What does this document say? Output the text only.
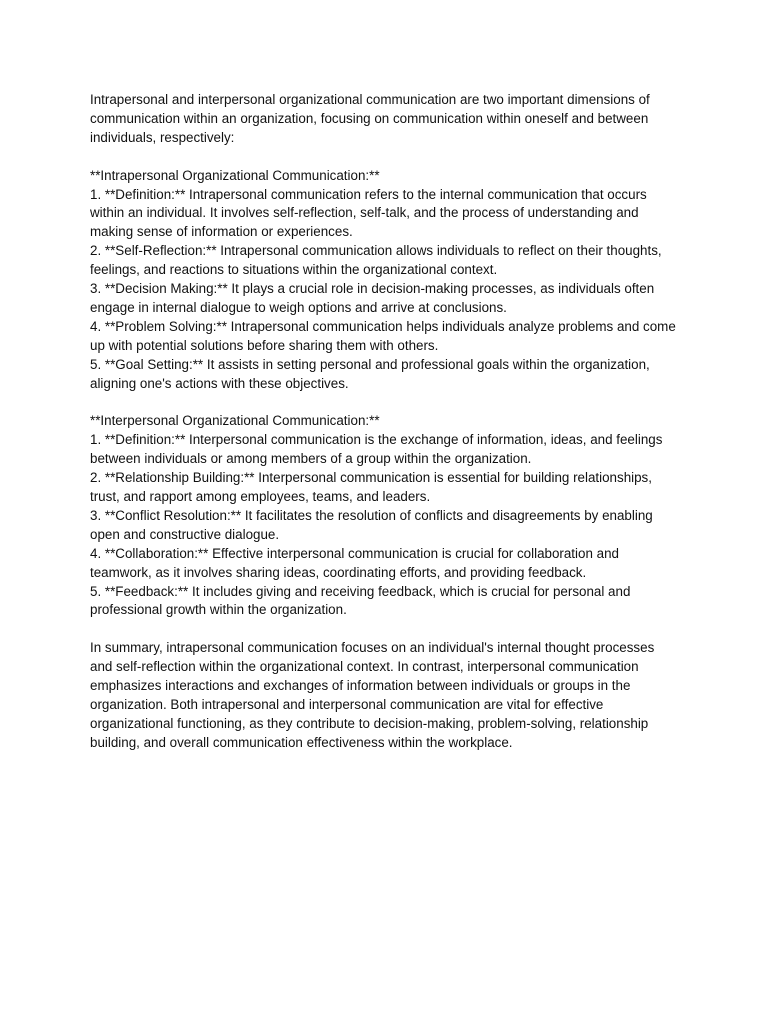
Intrapersonal and interpersonal organizational communication are two important dimensions of communication within an organization, focusing on communication within oneself and between individuals, respectively:

**Intrapersonal Organizational Communication:**

1. **Definition:** Intrapersonal communication refers to the internal communication that occurs within an individual. It involves self-reflection, self-talk, and the process of understanding and making sense of information or experiences.

2. **Self-Reflection:** Intrapersonal communication allows individuals to reflect on their thoughts, feelings, and reactions to situations within the organizational context.

3. **Decision Making:** It plays a crucial role in decision-making processes, as individuals often engage in internal dialogue to weigh options and arrive at conclusions.

4. **Problem Solving:** Intrapersonal communication helps individuals analyze problems and come up with potential solutions before sharing them with others.

5. **Goal Setting:** It assists in setting personal and professional goals within the organization, aligning one's actions with these objectives.

**Interpersonal Organizational Communication:**

1. **Definition:** Interpersonal communication is the exchange of information, ideas, and feelings between individuals or among members of a group within the organization.

2. **Relationship Building:** Interpersonal communication is essential for building relationships, trust, and rapport among employees, teams, and leaders.

3. **Conflict Resolution:** It facilitates the resolution of conflicts and disagreements by enabling open and constructive dialogue.

4. **Collaboration:** Effective interpersonal communication is crucial for collaboration and teamwork, as it involves sharing ideas, coordinating efforts, and providing feedback.

5. **Feedback:** It includes giving and receiving feedback, which is crucial for personal and professional growth within the organization.

In summary, intrapersonal communication focuses on an individual's internal thought processes and self-reflection within the organizational context. In contrast, interpersonal communication emphasizes interactions and exchanges of information between individuals or groups in the organization. Both intrapersonal and interpersonal communication are vital for effective organizational functioning, as they contribute to decision-making, problem-solving, relationship building, and overall communication effectiveness within the workplace.
